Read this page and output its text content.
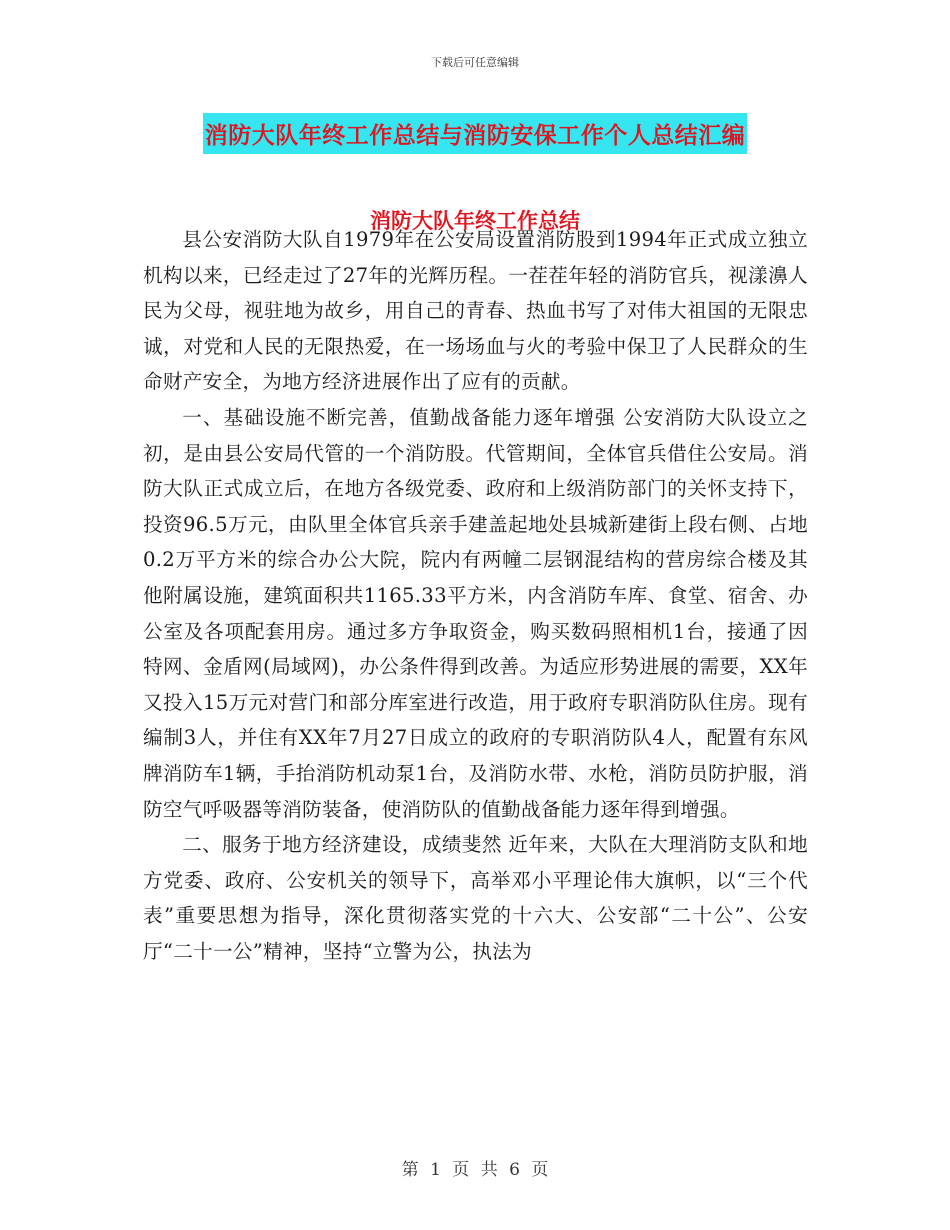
下载后可任意编辑
消防大队年终工作总结与消防安保工作个人总结汇编
消防大队年终工作总结

县公安消防大队自1979年在公安局设置消防股到1994年正式成立独立机构以来，已经走过了27年的光辉历程。一茬茬年轻的消防官兵，视漾濞人民为父母，视驻地为故乡，用自己的青春、热血书写了对伟大祖国的无限忠诚，对党和人民的无限热爱，在一场场血与火的考验中保卫了人民群众的生命财产安全，为地方经济进展作出了应有的贡献。

一、基础设施不断完善，值勤战备能力逐年增强 公安消防大队设立之初，是由县公安局代管的一个消防股。代管期间，全体官兵借住公安局。消防大队正式成立后，在地方各级党委、政府和上级消防部门的关怀支持下，投资96.5万元，由队里全体官兵亲手建盖起地处县城新建街上段右侧、占地0.2万平方米的综合办公大院，院内有两幢二层钢混结构的营房综合楼及其他附属设施，建筑面积共1165.33平方米，内含消防车库、食堂、宿舍、办公室及各项配套用房。通过多方争取资金，购买数码照相机1台，接通了因特网、金盾网(局域网)，办公条件得到改善。为适应形势进展的需要，XX年又投入15万元对营门和部分库室进行改造，用于政府专职消防队住房。现有编制3人，并住有XX年7月27日成立的政府的专职消防队4人，配置有东风牌消防车1辆，手抬消防机动泵1台，及消防水带、水枪，消防员防护服，消防空气呼吸器等消防装备，使消防队的值勤战备能力逐年得到增强。

二、服务于地方经济建设，成绩斐然 近年来，大队在大理消防支队和地方党委、政府、公安机关的领导下，高举邓小平理论伟大旗帜，以“三个代表”重要思想为指导，深化贯彻落实党的十六大、公安部“二十公”、公安厅“二十一公”精神，坚持“立警为公，执法为

第 1 页 共 6 页
